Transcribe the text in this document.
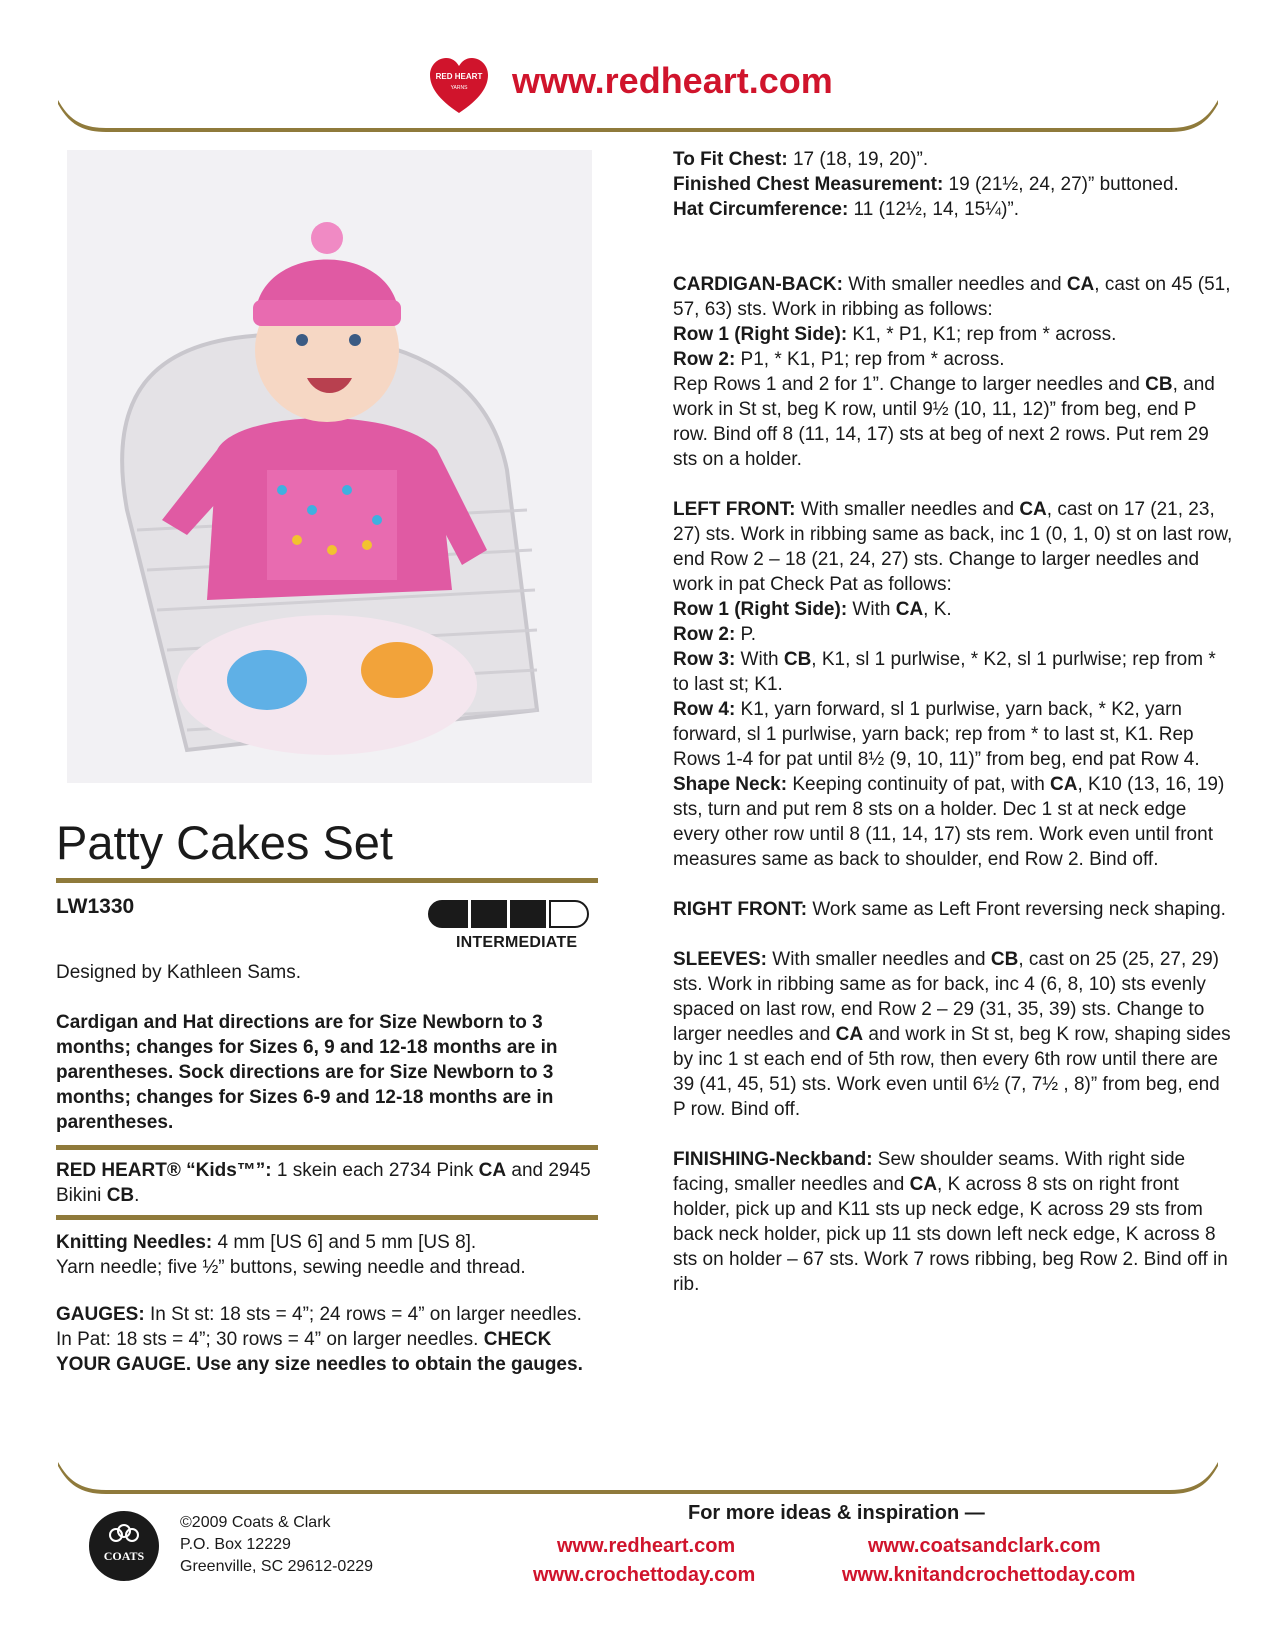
RED HEART
YARNS www.redheart.com
Patty Cakes Set
LW1330
INTERMEDIATE

Designed by Kathleen Sams.

Cardigan and Hat directions are for Size Newborn to 3 months; changes for Sizes 6, 9 and 12-18 months are in parentheses. Sock directions are for Size Newborn to 3 months; changes for Sizes 6-9 and 12-18 months are in parentheses.

RED HEART® “Kids™”: 1 skein each 2734 Pink CA and 2945 Bikini CB.

Knitting Needles: 4 mm [US 6] and 5 mm [US 8].

Yarn needle; five ½” buttons, sewing needle and thread.

GAUGES: In St st: 18 sts = 4”; 24 rows = 4” on larger needles. In Pat: 18 sts = 4”; 30 rows = 4” on larger needles. CHECK YOUR GAUGE. Use any size needles to obtain the gauges.

To Fit Chest: 17 (18, 19, 20)”.

Finished Chest Measurement: 19 (21½, 24, 27)” buttoned.

Hat Circumference: 11 (12½, 14, 15¼)”.

CARDIGAN-BACK: With smaller needles and CA, cast on 45 (51, 57, 63) sts. Work in ribbing as follows:

Row 1 (Right Side): K1, * P1, K1; rep from * across.

Row 2: P1, * K1, P1; rep from * across.

Rep Rows 1 and 2 for 1”. Change to larger needles and CB, and work in St st, beg K row, until 9½ (10, 11, 12)” from beg, end P row. Bind off 8 (11, 14, 17) sts at beg of next 2 rows. Put rem 29 sts on a holder.

LEFT FRONT: With smaller needles and CA, cast on 17 (21, 23, 27) sts. Work in ribbing same as back, inc 1 (0, 1, 0) st on last row, end Row 2 – 18 (21, 24, 27) sts. Change to larger needles and work in pat Check Pat as follows:

Row 1 (Right Side): With CA, K.

Row 2: P.

Row 3: With CB, K1, sl 1 purlwise, * K2, sl 1 purlwise; rep from * to last st; K1.

Row 4: K1, yarn forward, sl 1 purlwise, yarn back, * K2, yarn forward, sl 1 purlwise, yarn back; rep from * to last st, K1. Rep Rows 1-4 for pat until 8½ (9, 10, 11)” from beg, end pat Row 4.

Shape Neck: Keeping continuity of pat, with CA, K10 (13, 16, 19) sts, turn and put rem 8 sts on a holder. Dec 1 st at neck edge every other row until 8 (11, 14, 17) sts rem. Work even until front measures same as back to shoulder, end Row 2. Bind off.

RIGHT FRONT: Work same as Left Front reversing neck shaping.

SLEEVES: With smaller needles and CB, cast on 25 (25, 27, 29) sts. Work in ribbing same as for back, inc 4 (6, 8, 10) sts evenly spaced on last row, end Row 2 – 29 (31, 35, 39) sts. Change to larger needles and CA and work in St st, beg K row, shaping sides by inc 1 st each end of 5th row, then every 6th row until there are 39 (41, 45, 51) sts. Work even until 6½ (7, 7½ , 8)” from beg, end P row. Bind off.

FINISHING-Neckband: Sew shoulder seams. With right side facing, smaller needles and CA, K across 8 sts on right front holder, pick up and K11 sts up neck edge, K across 29 sts from back neck holder, pick up 11 sts down left neck edge, K across 8 sts on holder – 67 sts. Work 7 rows ribbing, beg Row 2. Bind off in rib.

COATS
©2009 Coats & Clark
P.O. Box 12229
Greenville, SC 29612-0229
For more ideas & inspiration —
www.redheart.com	www.coatsandclark.com
www.crochettoday.com	www.knitandcrochettoday.com
